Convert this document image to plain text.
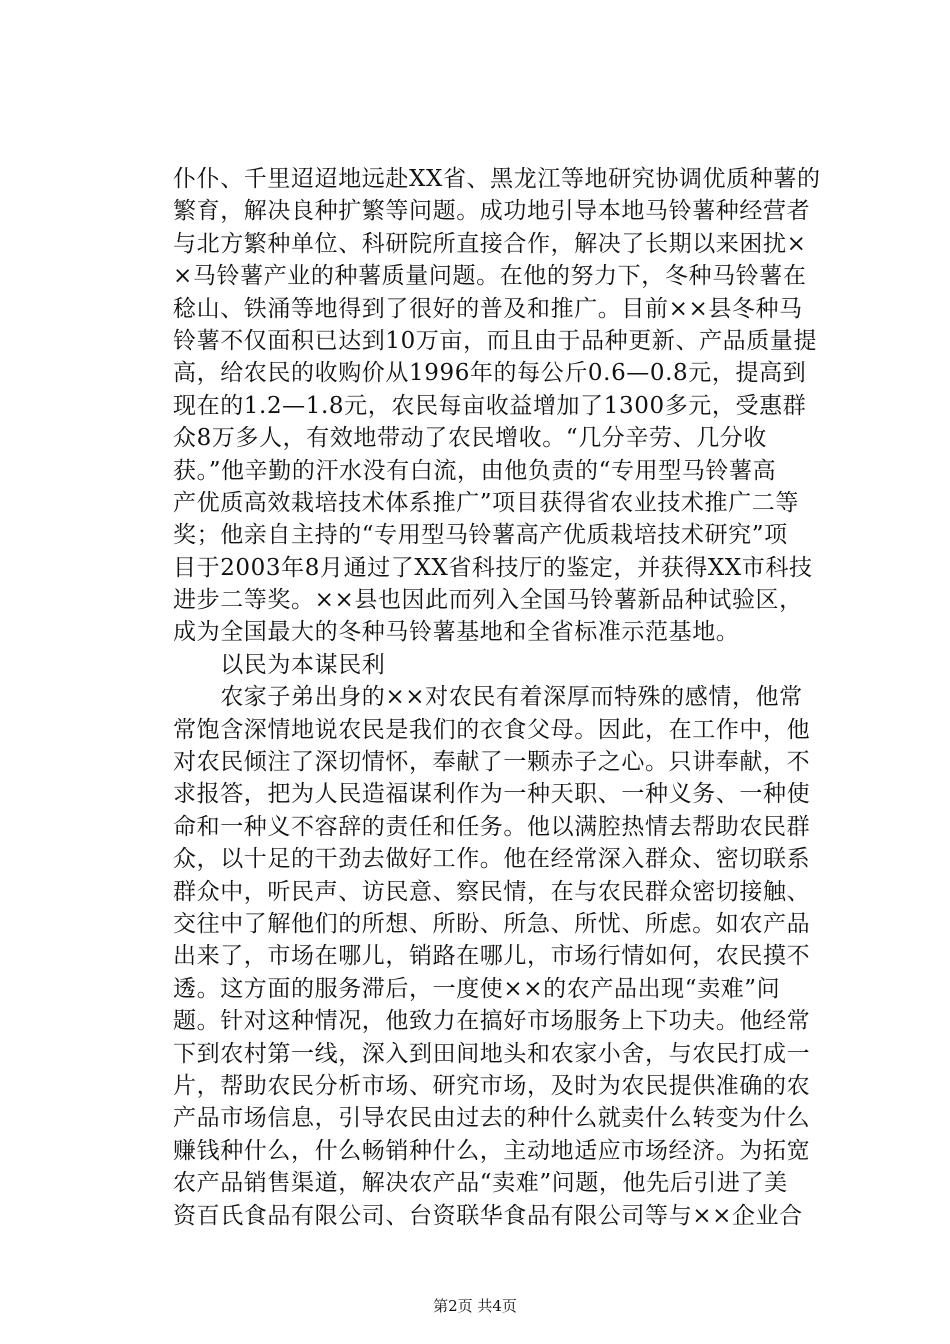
仆仆、千里迢迢地远赴XX省、黑龙江等地研究协调优质种薯的
繁育，解决良种扩繁等问题。成功地引导本地马铃薯种经营者
与北方繁种单位、科研院所直接合作，解决了长期以来困扰×
×马铃薯产业的种薯质量问题。在他的努力下，冬种马铃薯在
稔山、铁涌等地得到了很好的普及和推广。目前××县冬种马
铃薯不仅面积已达到10万亩，而且由于品种更新、产品质量提
高，给农民的收购价从1996年的每公斤0.6—0.8元，提高到
现在的1.2—1.8元，农民每亩收益增加了1300多元，受惠群
众8万多人，有效地带动了农民增收。“几分辛劳、几分收
获。”他辛勤的汗水没有白流，由他负责的“专用型马铃薯高
产优质高效栽培技术体系推广”项目获得省农业技术推广二等
奖；他亲自主持的“专用型马铃薯高产优质栽培技术研究”项
目于2003年8月通过了XX省科技厅的鉴定，并获得XX市科技
进步二等奖。××县也因此而列入全国马铃薯新品种试验区，
成为全国最大的冬种马铃薯基地和全省标准示范基地。
　　以民为本谋民利
　　农家子弟出身的××对农民有着深厚而特殊的感情，他常
常饱含深情地说农民是我们的衣食父母。因此，在工作中，他
对农民倾注了深切情怀，奉献了一颗赤子之心。只讲奉献，不
求报答，把为人民造福谋利作为一种天职、一种义务、一种使
命和一种义不容辞的责任和任务。他以满腔热情去帮助农民群
众，以十足的干劲去做好工作。他在经常深入群众、密切联系
群众中，听民声、访民意、察民情，在与农民群众密切接触、
交往中了解他们的所想、所盼、所急、所忧、所虑。如农产品
出来了，市场在哪儿，销路在哪儿，市场行情如何，农民摸不
透。这方面的服务滞后，一度使××的农产品出现“卖难”问
题。针对这种情况，他致力在搞好市场服务上下功夫。他经常
下到农村第一线，深入到田间地头和农家小舍，与农民打成一
片，帮助农民分析市场、研究市场，及时为农民提供准确的农
产品市场信息，引导农民由过去的种什么就卖什么转变为什么
赚钱种什么，什么畅销种什么，主动地适应市场经济。为拓宽
农产品销售渠道，解决农产品“卖难”问题，他先后引进了美
资百氏食品有限公司、台资联华食品有限公司等与××企业合
第2页 共4页
